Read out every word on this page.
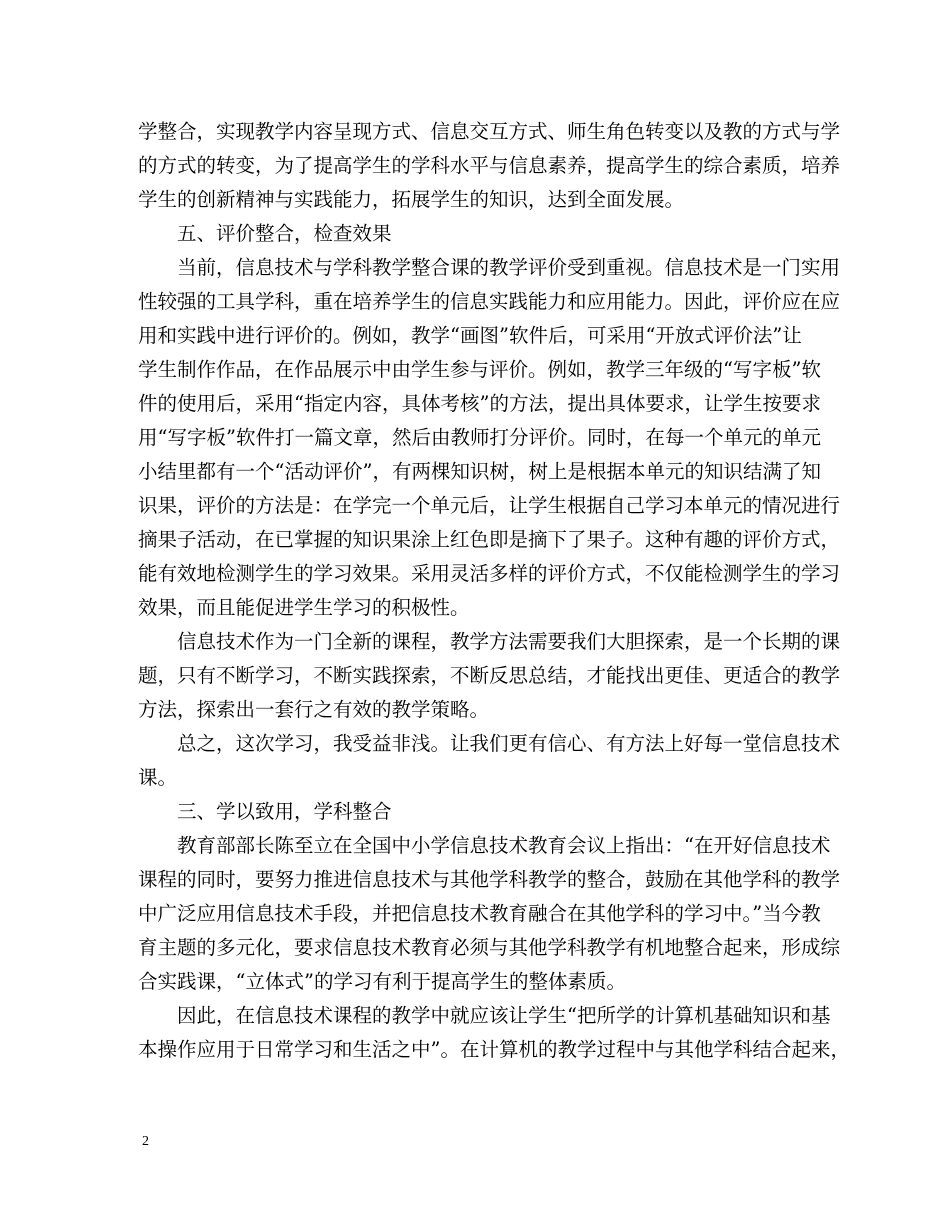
学整合，实现教学内容呈现方式、信息交互方式、师生角色转变以及教的方式与学
的方式的转变，为了提高学生的学科水平与信息素养，提高学生的综合素质，培养
学生的创新精神与实践能力，拓展学生的知识，达到全面发展。
五、评价整合，检查效果
当前，信息技术与学科教学整合课的教学评价受到重视。信息技术是一门实用
性较强的工具学科，重在培养学生的信息实践能力和应用能力。因此，评价应在应
用和实践中进行评价的。例如，教学“画图”软件后，可采用“开放式评价法”让
学生制作作品，在作品展示中由学生参与评价。例如，教学三年级的“写字板”软
件的使用后，采用“指定内容，具体考核”的方法，提出具体要求，让学生按要求
用“写字板”软件打一篇文章，然后由教师打分评价。同时，在每一个单元的单元
小结里都有一个“活动评价”，有两棵知识树，树上是根据本单元的知识结满了知
识果，评价的方法是：在学完一个单元后，让学生根据自己学习本单元的情况进行
摘果子活动，在已掌握的知识果涂上红色即是摘下了果子。这种有趣的评价方式，
能有效地检测学生的学习效果。采用灵活多样的评价方式，不仅能检测学生的学习
效果，而且能促进学生学习的积极性。
信息技术作为一门全新的课程，教学方法需要我们大胆探索，是一个长期的课
题，只有不断学习，不断实践探索，不断反思总结，才能找出更佳、更适合的教学
方法，探索出一套行之有效的教学策略。
总之，这次学习，我受益非浅。让我们更有信心、有方法上好每一堂信息技术
课。
三、学以致用，学科整合
教育部部长陈至立在全国中小学信息技术教育会议上指出：“在开好信息技术
课程的同时，要努力推进信息技术与其他学科教学的整合，鼓励在其他学科的教学
中广泛应用信息技术手段，并把信息技术教育融合在其他学科的学习中。”当今教
育主题的多元化，要求信息技术教育必须与其他学科教学有机地整合起来，形成综
合实践课，“立体式”的学习有利于提高学生的整体素质。
因此，在信息技术课程的教学中就应该让学生“把所学的计算机基础知识和基
本操作应用于日常学习和生活之中”。在计算机的教学过程中与其他学科结合起来，
2
